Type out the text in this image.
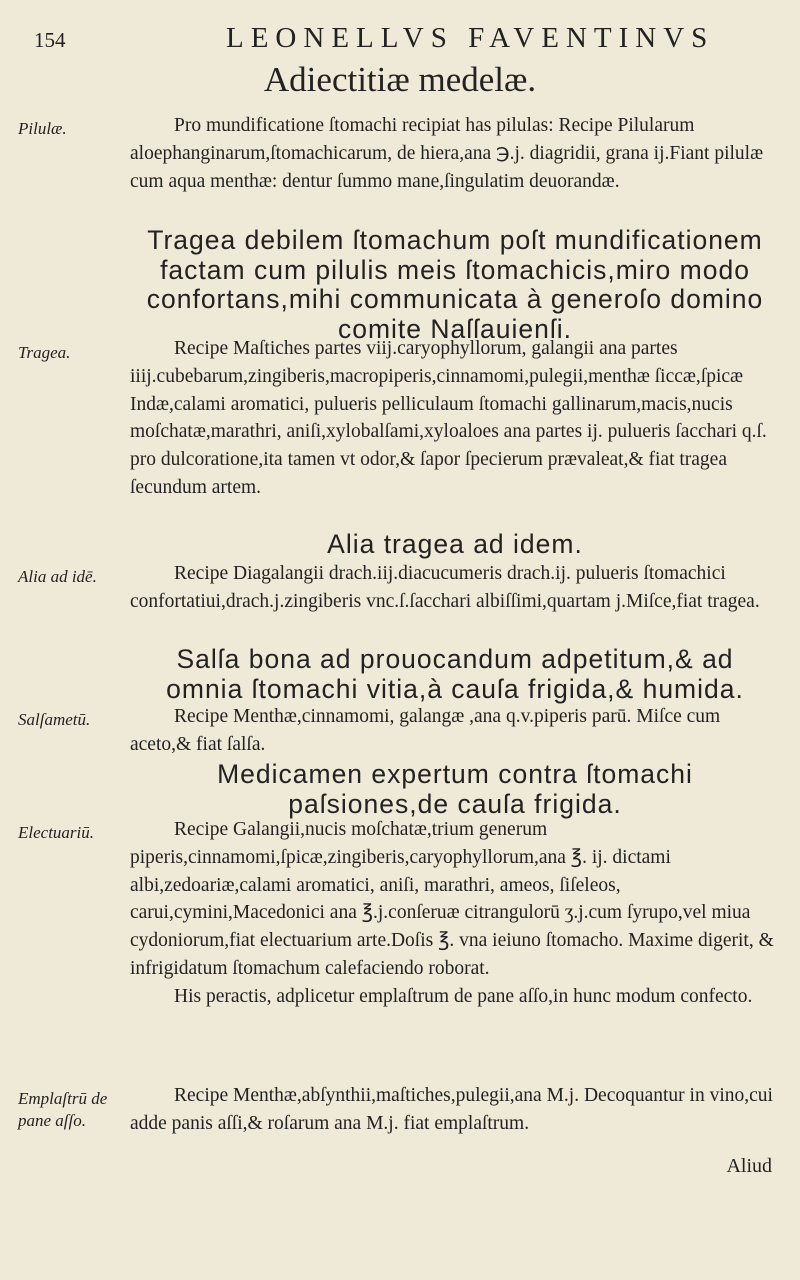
154	LEONELLVS FAVENTINVS
Adiectitiæ medelæ.
Pilulæ.	Pro mundificatione ſtomachi recipiat has pilulas: Recipe Pilularum aloephanginarum,ſtomachicarum, de hiera,ana ℈.j. diagridii, grana ij.Fiant pilulæ cum aqua menthæ: dentur ſummo mane,ſingulatim deuorandæ.

Tragea debilem ſtomachum poſt mundificationem factam cum pilulis meis ſtomachicis,miro modo confortans,mihi communicata à generoſo domino comite Naſſauienſi.
Tragea.	Recipe Maſtiches partes viij.caryophyllorum, galangii ana partes iiij.cubebarum,zingiberis,macropiperis,cinnamomi,pulegii,menthæ ſiccæ,ſpicæ Indæ,calami aromatici, pulueris pelliculaum ſtomachi gallinarum,macis,nucis moſchatæ,marathri, aniſi,xylobalſami,xyloaloes ana partes ij. pulueris ſacchari q.ſ. pro dulcoratione,ita tamen vt odor,& ſapor ſpecierum prævaleat,& fiat tragea ſecundum artem.

Alia tragea ad idem.
Alia ad idē.	Recipe Diagalangii drach.iij.diacucumeris drach.ij. pulueris ſtomachici confortatiui,drach.j.zingiberis vnc.ſ.ſacchari albiſſimi,quartam j.Miſce,fiat tragea.

Salſa bona ad prouocandum adpetitum,& ad omnia ſtomachi vitia,à cauſa frigida,& humida.
Salſametū.	Recipe Menthæ,cinnamomi, galangæ ,ana q.v.piperis parū. Miſce cum aceto,& fiat ſalſa.

Medicamen expertum contra ſtomachi paſsiones,de cauſa frigida.
Electuariū.	Recipe Galangii,nucis moſchatæ,trium generum piperis,cinnamomi,ſpicæ,zingiberis,caryophyllorum,ana ℥. ij. dictami albi,zedoariæ,calami aromatici, aniſi, marathri, ameos, ſiſeleos, carui,cymini,Macedonici ana ℥.j.conſeruæ citrangulorū ʒ.j.cum ſyrupo,vel miua cydoniorum,fiat electuarium arte.Doſis ℥. vna ieiuno ſtomacho. Maxime digerit, & infrigidatum ſtomachum calefaciendo roborat.

His peractis, adplicetur emplaſtrum de pane aſſo,in hunc modum confecto.

Emplaſtrū de pane aſſo.

Recipe Menthæ,abſynthii,maſtiches,pulegii,ana M.j. Decoquantur in vino,cui adde panis aſſi,& roſarum ana M.j. fiat emplaſtrum.

Aliud
